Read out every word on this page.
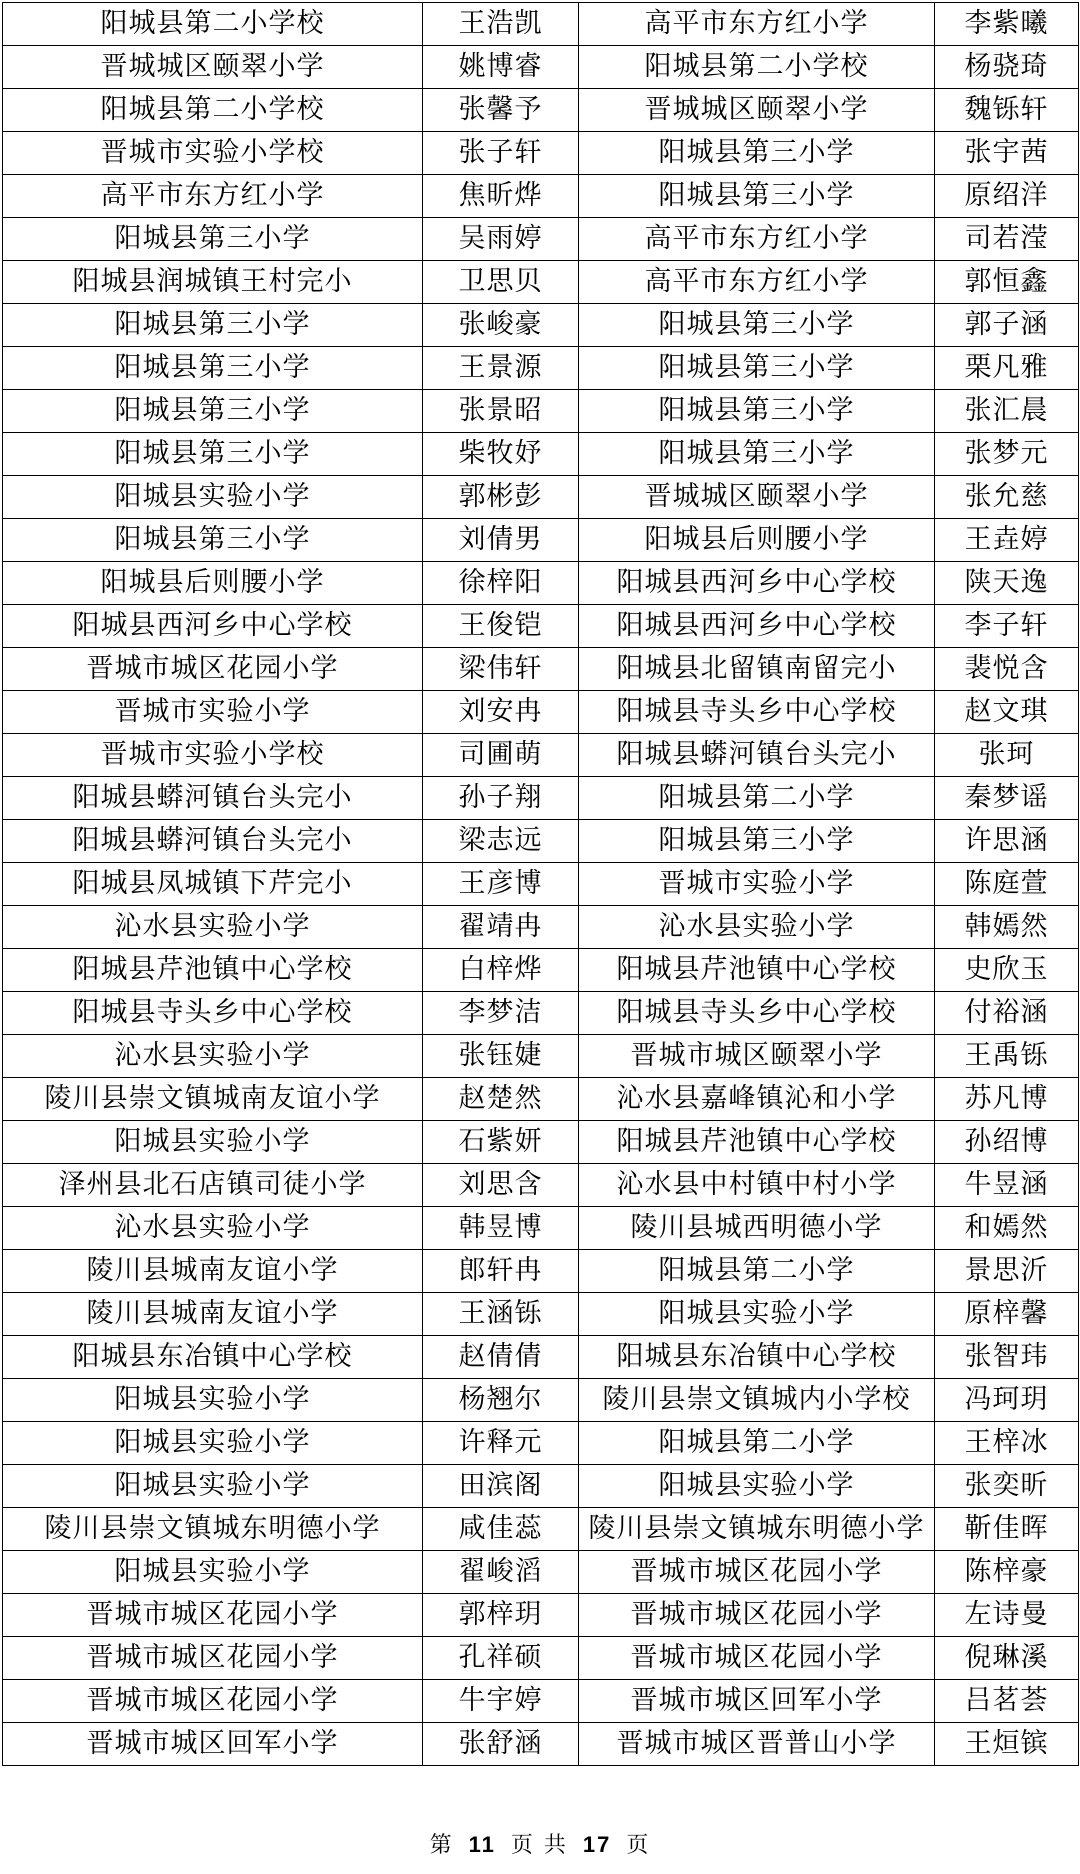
阳城县第二小学校	王浩凯	高平市东方红小学	李紫曦
晋城城区颐翠小学	姚博睿	阳城县第二小学校	杨骁琦
阳城县第二小学校	张馨予	晋城城区颐翠小学	魏铄轩
晋城市实验小学校	张子轩	阳城县第三小学	张宇茜
高平市东方红小学	焦昕烨	阳城县第三小学	原绍洋
阳城县第三小学	吴雨婷	高平市东方红小学	司若滢
阳城县润城镇王村完小	卫思贝	高平市东方红小学	郭恒鑫
阳城县第三小学	张峻豪	阳城县第三小学	郭子涵
阳城县第三小学	王景源	阳城县第三小学	栗凡雅
阳城县第三小学	张景昭	阳城县第三小学	张汇晨
阳城县第三小学	柴牧妤	阳城县第三小学	张梦元
阳城县实验小学	郭彬彭	晋城城区颐翠小学	张允慈
阳城县第三小学	刘倩男	阳城县后则腰小学	王垚婷
阳城县后则腰小学	徐梓阳	阳城县西河乡中心学校	陕天逸
阳城县西河乡中心学校	王俊铠	阳城县西河乡中心学校	李子轩
晋城市城区花园小学	梁伟轩	阳城县北留镇南留完小	裴悦含
晋城市实验小学	刘安冉	阳城县寺头乡中心学校	赵文琪
晋城市实验小学校	司圃萌	阳城县蟒河镇台头完小	张珂
阳城县蟒河镇台头完小	孙子翔	阳城县第二小学	秦梦谣
阳城县蟒河镇台头完小	梁志远	阳城县第三小学	许思涵
阳城县凤城镇下芹完小	王彦博	晋城市实验小学	陈庭萱
沁水县实验小学	翟靖冉	沁水县实验小学	韩嫣然
阳城县芹池镇中心学校	白梓烨	阳城县芹池镇中心学校	史欣玉
阳城县寺头乡中心学校	李梦洁	阳城县寺头乡中心学校	付裕涵
沁水县实验小学	张钰婕	晋城市城区颐翠小学	王禹铄
陵川县崇文镇城南友谊小学	赵楚然	沁水县嘉峰镇沁和小学	苏凡博
阳城县实验小学	石紫妍	阳城县芹池镇中心学校	孙绍博
泽州县北石店镇司徒小学	刘思含	沁水县中村镇中村小学	牛昱涵
沁水县实验小学	韩昱博	陵川县城西明德小学	和嫣然
陵川县城南友谊小学	郎轩冉	阳城县第二小学	景思沂
陵川县城南友谊小学	王涵铄	阳城县实验小学	原梓馨
阳城县东冶镇中心学校	赵倩倩	阳城县东冶镇中心学校	张智玮
阳城县实验小学	杨翘尔	陵川县崇文镇城内小学校	冯珂玥
阳城县实验小学	许释元	阳城县第二小学	王梓冰
阳城县实验小学	田滨阁	阳城县实验小学	张奕昕
陵川县崇文镇城东明德小学	咸佳蕊	陵川县崇文镇城东明德小学	靳佳晖
阳城县实验小学	翟峻滔	晋城市城区花园小学	陈梓豪
晋城市城区花园小学	郭梓玥	晋城市城区花园小学	左诗曼
晋城市城区花园小学	孔祥硕	晋城市城区花园小学	倪琳溪
晋城市城区花园小学	牛宇婷	晋城市城区回军小学	吕茗荟
晋城市城区回军小学	张舒涵	晋城市城区晋普山小学	王烜镔
第 11 页 共 17 页
